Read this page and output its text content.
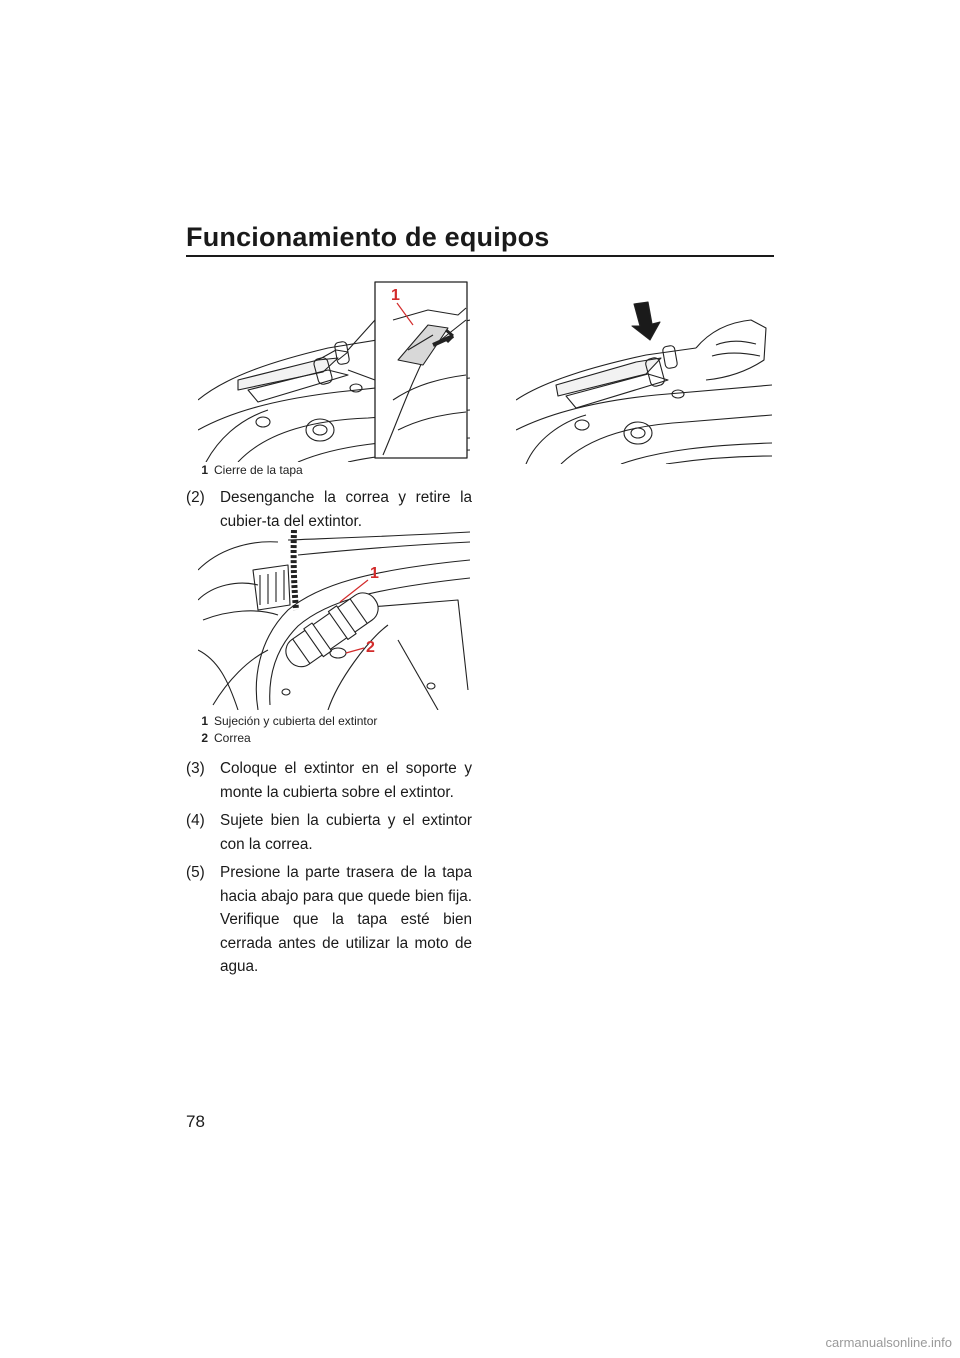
Funcionamiento de equipos
1
1 Cierre de la tapa
(2) Desenganche la correa y retire la cubier-ta del extintor.
1
2
1 Sujeción y cubierta del extintor
2 Correa
(3) Coloque el extintor en el soporte y monte la cubierta sobre el extintor.
(4) Sujete bien la cubierta y el extintor con la correa.
(5) Presione la parte trasera de la tapa hacia abajo para que quede bien fija. Verifique que la tapa esté bien cerrada antes de utilizar la moto de agua.
78
carmanualsonline.info
